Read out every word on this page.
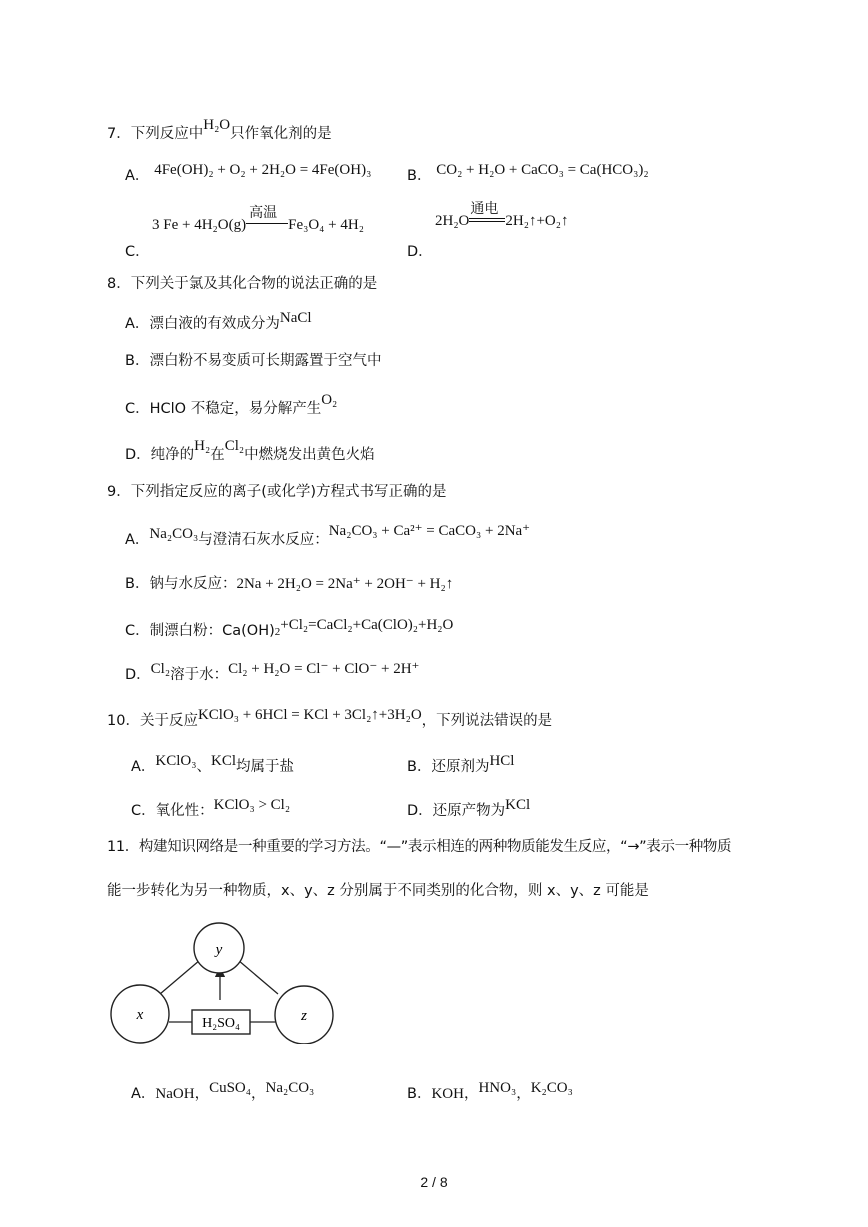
7．下列反应中H₂O只作氧化剂的是
A． 4Fe(OH)₂ + O₂ + 2H₂O = 4Fe(OH)₃ B． CO₂ + H₂O + CaCO₃ = Ca(HCO₃)₂
C．
3 Fe + 4H₂O(g)
高温
Fe₃O₄ + 4H₂
D．
2H₂O
通电
2H₂↑+O₂↑
8．下列关于氯及其化合物的说法正确的是
A．漂白液的有效成分为NaCl
B．漂白粉不易变质可长期露置于空气中
C．HClO 不稳定，易分解产生O₂
D．纯净的H₂在Cl₂中燃烧发出黄色火焰
9．下列指定反应的离子(或化学)方程式书写正确的是
A．Na₂CO₃与澄清石灰水反应：Na₂CO₃ + Ca²⁺ = CaCO₃ + 2Na⁺
B．钠与水反应：2Na + 2H₂O = 2Na⁺ + 2OH⁻ + H₂↑
C．制漂白粉：Ca(OH)2+Cl₂=CaCl₂+Ca(ClO)₂+H₂O
D．Cl₂溶于水：Cl₂ + H₂O = Cl⁻ + ClO⁻ + 2H⁺
10．关于反应KClO₃ + 6HCl = KCl + 3Cl₂↑+3H₂O，下列说法错误的是
A．KClO₃、KCl均属于盐	B．还原剂为HCl
C．氧化性：KClO₃ > Cl₂	D．还原产物为KCl
11．构建知识网络是一种重要的学习方法。“—”表示相连的两种物质能发生反应，“→”表示一种物质
能一步转化为另一种物质，x、y、z 分别属于不同类别的化合物，则 x、y、z 可能是
y
x	z
H₂SO₄
A．NaOH，CuSO₄，Na₂CO₃	B．KOH，HNO₃，K₂CO₃
2 / 8
